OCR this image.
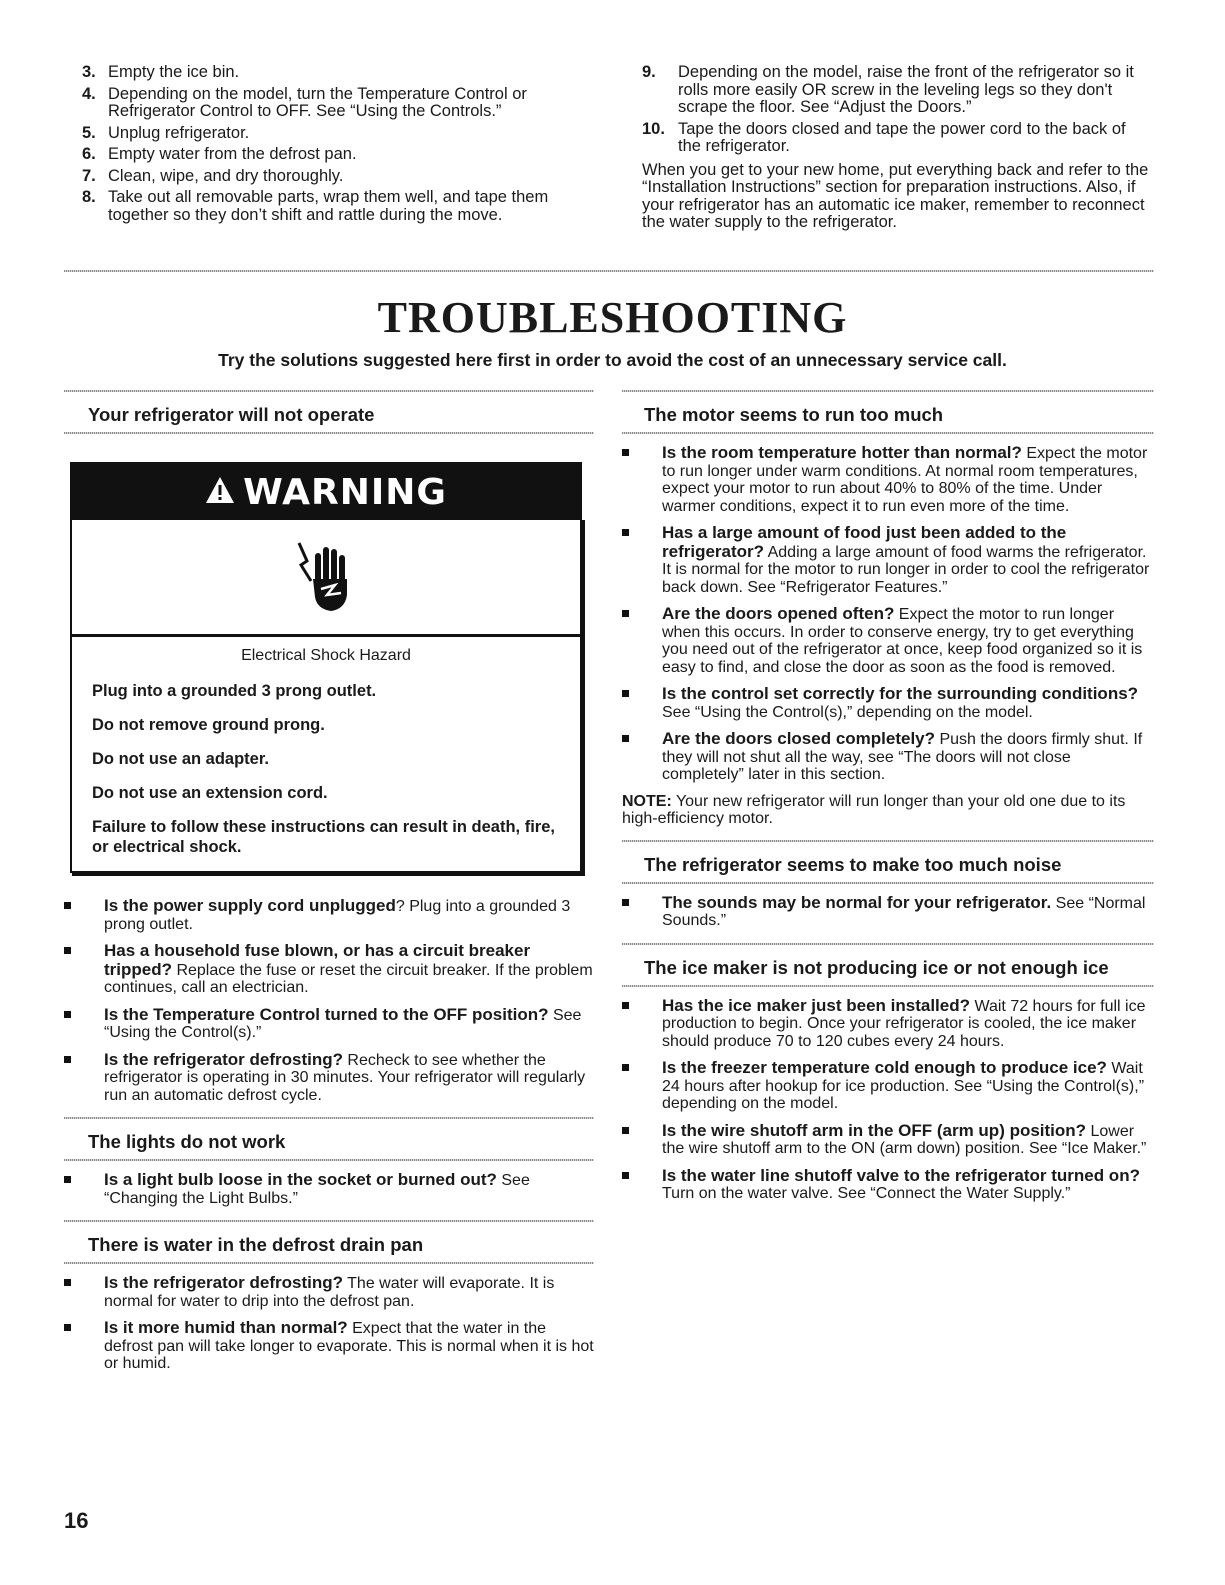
3. Empty the ice bin.
4. Depending on the model, turn the Temperature Control or Refrigerator Control to OFF. See “Using the Controls.”
5. Unplug refrigerator.
6. Empty water from the defrost pan.
7. Clean, wipe, and dry thoroughly.
8. Take out all removable parts, wrap them well, and tape them together so they don’t shift and rattle during the move.
9. Depending on the model, raise the front of the refrigerator so it rolls more easily OR screw in the leveling legs so they don't scrape the floor. See “Adjust the Doors.”
10. Tape the doors closed and tape the power cord to the back of the refrigerator.

When you get to your new home, put everything back and refer to the “Installation Instructions” section for preparation instructions. Also, if your refrigerator has an automatic ice maker, remember to reconnect the water supply to the refrigerator.

TROUBLESHOOTING

Try the solutions suggested here first in order to avoid the cost of an unnecessary service call.

Your refrigerator will not operate
WARNING
Electrical Shock Hazard

Plug into a grounded 3 prong outlet.

Do not remove ground prong.

Do not use an adapter.

Do not use an extension cord.

Failure to follow these instructions can result in death, fire, or electrical shock.

Is the power supply cord unplugged? Plug into a grounded 3 prong outlet.
Has a household fuse blown, or has a circuit breaker tripped? Replace the fuse or reset the circuit breaker. If the problem continues, call an electrician.
Is the Temperature Control turned to the OFF position? See “Using the Control(s).”
Is the refrigerator defrosting? Recheck to see whether the refrigerator is operating in 30 minutes. Your refrigerator will regularly run an automatic defrost cycle.
The lights do not work
Is a light bulb loose in the socket or burned out? See “Changing the Light Bulbs.”
There is water in the defrost drain pan
Is the refrigerator defrosting? The water will evaporate. It is normal for water to drip into the defrost pan.
Is it more humid than normal? Expect that the water in the defrost pan will take longer to evaporate. This is normal when it is hot or humid.
The motor seems to run too much
Is the room temperature hotter than normal? Expect the motor to run longer under warm conditions. At normal room temperatures, expect your motor to run about 40% to 80% of the time. Under warmer conditions, expect it to run even more of the time.
Has a large amount of food just been added to the refrigerator? Adding a large amount of food warms the refrigerator. It is normal for the motor to run longer in order to cool the refrigerator back down. See “Refrigerator Features.”
Are the doors opened often? Expect the motor to run longer when this occurs. In order to conserve energy, try to get everything you need out of the refrigerator at once, keep food organized so it is easy to find, and close the door as soon as the food is removed.
Is the control set correctly for the surrounding conditions? See “Using the Control(s),” depending on the model.
Are the doors closed completely? Push the doors firmly shut. If they will not shut all the way, see “The doors will not close completely” later in this section.

NOTE: Your new refrigerator will run longer than your old one due to its high-efficiency motor.

The refrigerator seems to make too much noise
The sounds may be normal for your refrigerator. See “Normal Sounds.”
The ice maker is not producing ice or not enough ice
Has the ice maker just been installed? Wait 72 hours for full ice production to begin. Once your refrigerator is cooled, the ice maker should produce 70 to 120 cubes every 24 hours.
Is the freezer temperature cold enough to produce ice? Wait 24 hours after hookup for ice production. See “Using the Control(s),” depending on the model.
Is the wire shutoff arm in the OFF (arm up) position? Lower the wire shutoff arm to the ON (arm down) position. See “Ice Maker.”
Is the water line shutoff valve to the refrigerator turned on? Turn on the water valve. See “Connect the Water Supply.”

16
